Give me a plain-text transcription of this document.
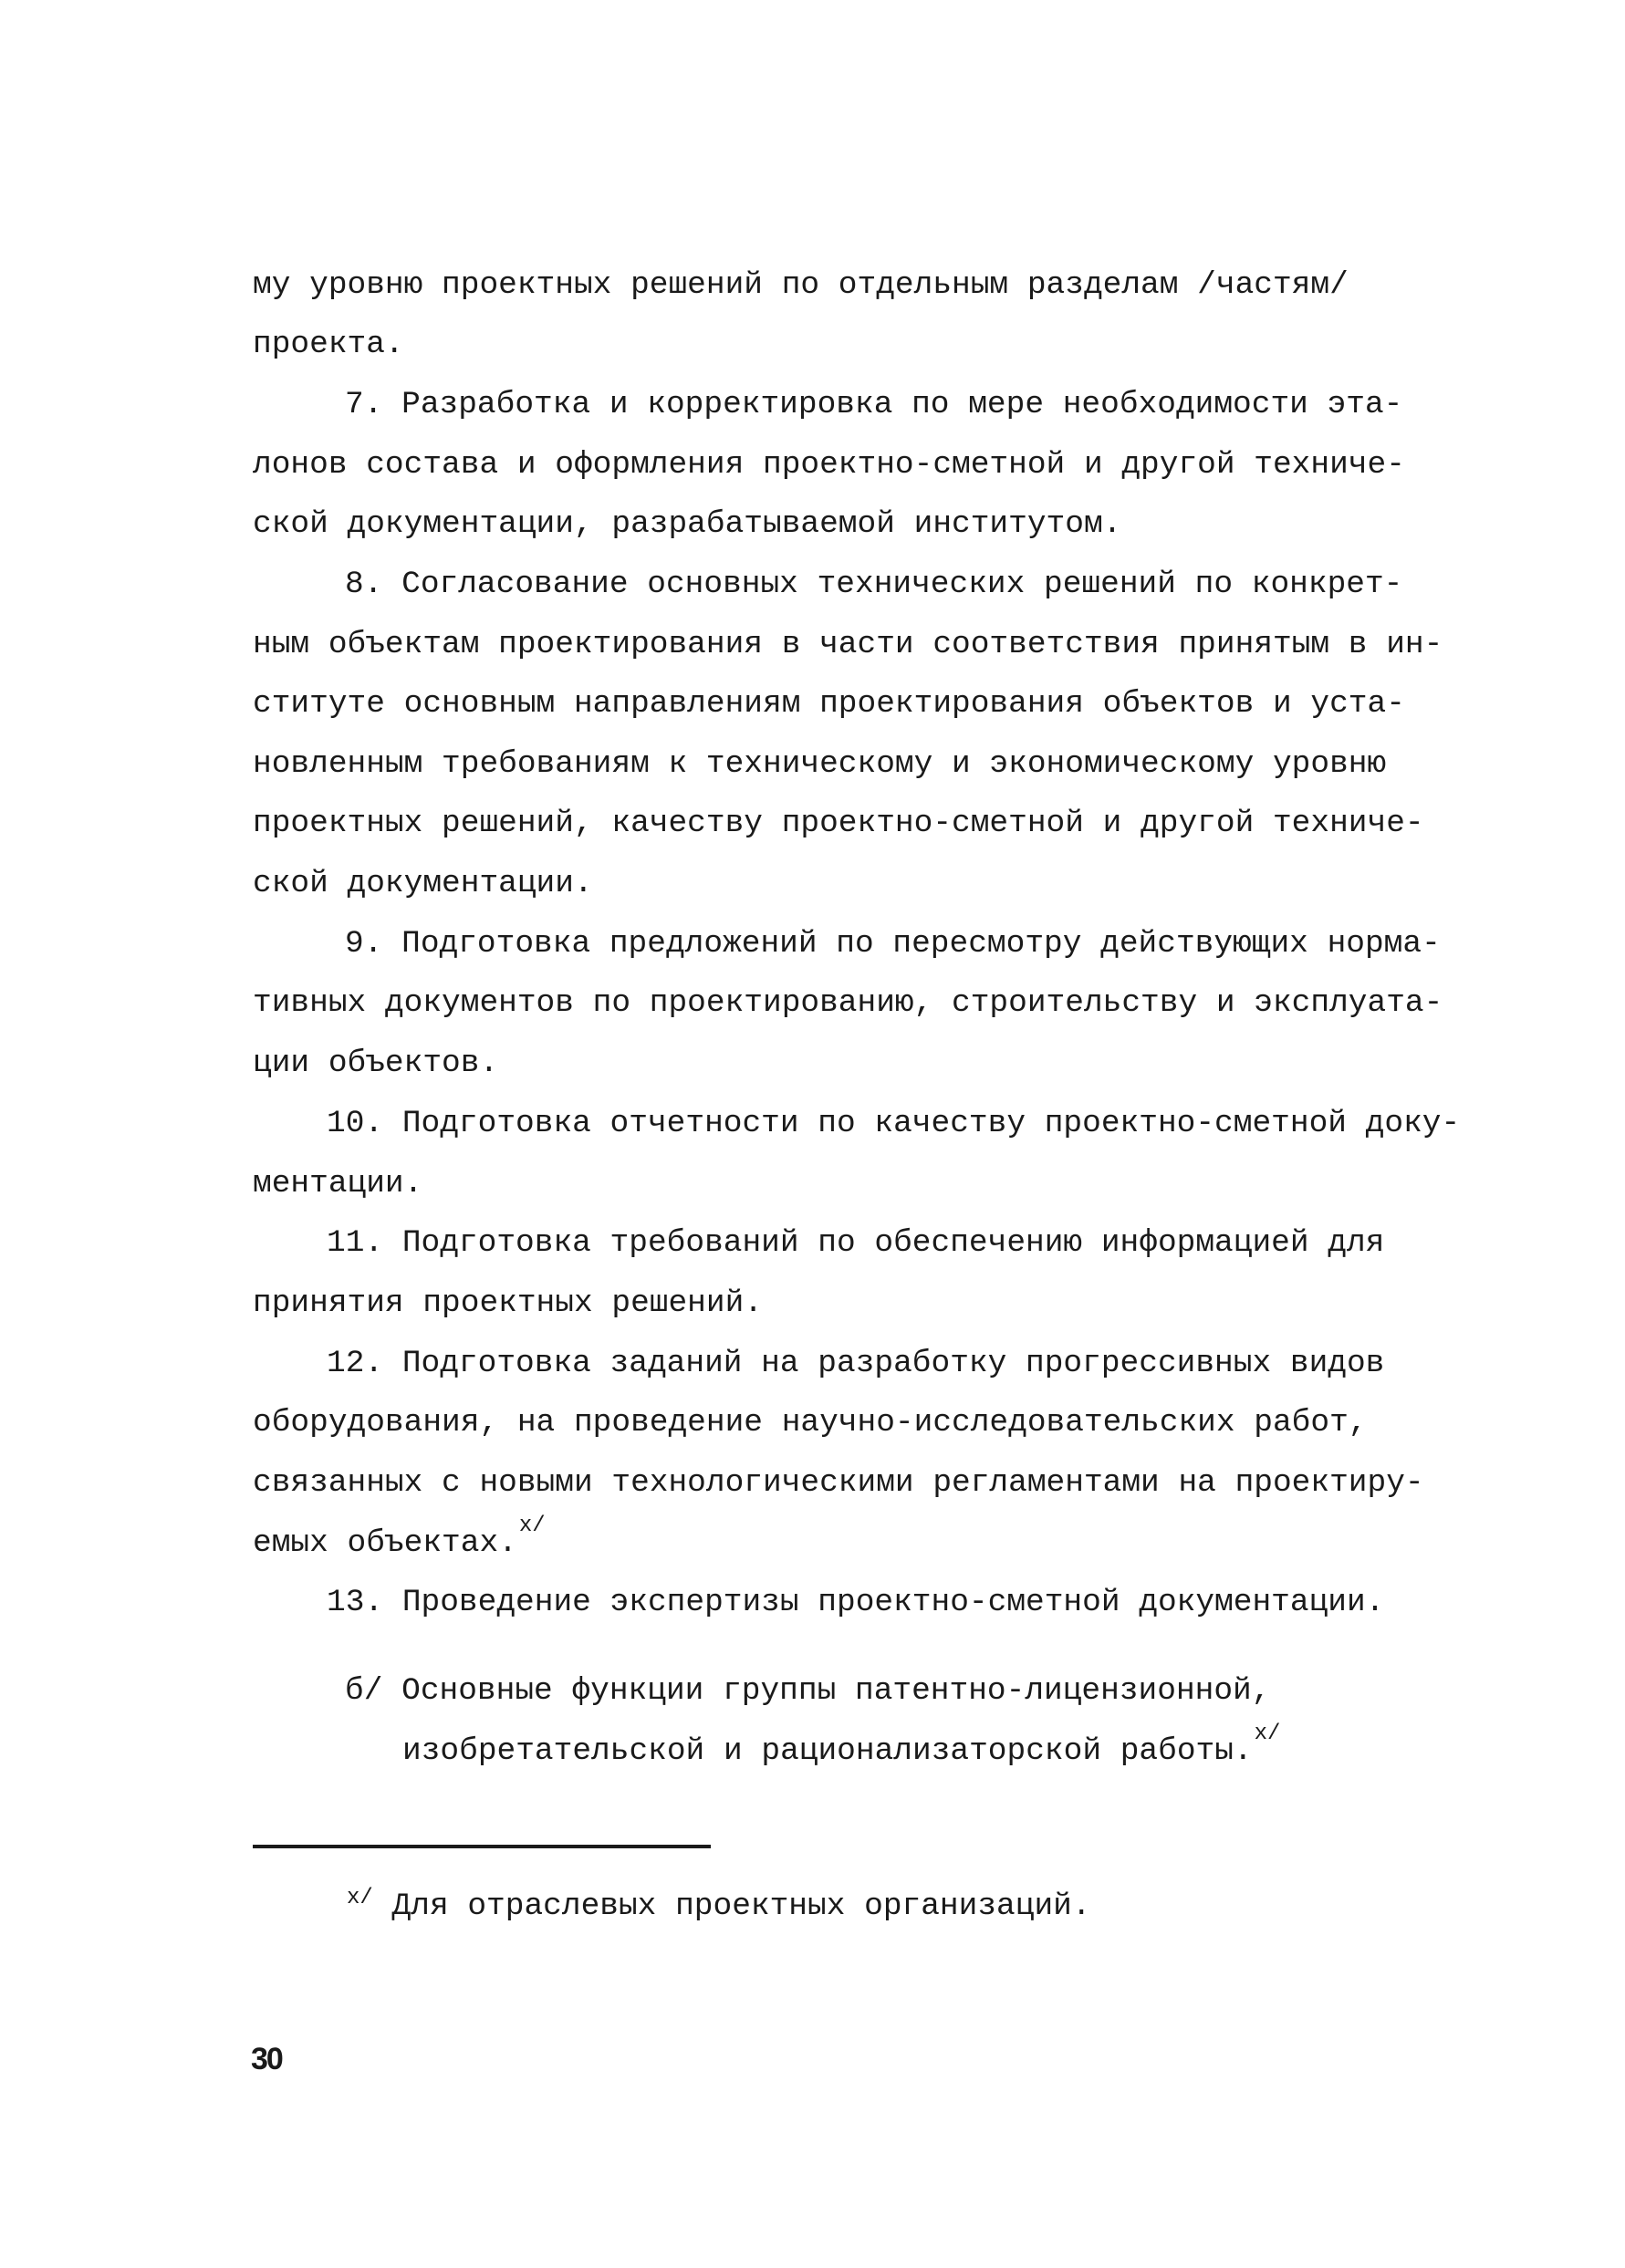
му уровню проектных решений по отдельным разделам /частям/
проекта.
7. Разработка и корректировка по мере необходимости эта-
лонов состава и оформления проектно-сметной и другой техниче-
ской документации, разрабатываемой институтом.
8. Согласование основных технических решений по конкрет-
ным объектам проектирования в части соответствия принятым в ин-
ституте основным направлениям проектирования объектов и уста-
новленным требованиям к техническому и экономическому уровню
проектных решений, качеству проектно-сметной и другой техниче-
ской документации.
9. Подготовка предложений по пересмотру действующих норма-
тивных документов по проектированию, строительству и эксплуата-
ции объектов.
10. Подготовка отчетности по качеству проектно-сметной доку-
ментации.
11. Подготовка требований по обеспечению информацией для
принятия проектных решений.
12. Подготовка заданий на разработку прогрессивных видов
оборудования, на проведение научно-исследовательских работ,
связанных с новыми технологическими регламентами на проектиру-
емых объектах.$^{x/}$
13. Проведение экспертизы проектно-сметной документации.
б/ Основные функции группы патентно-лицензионной,
изобретательской и рационализаторской работы.$^{x/}$
$^{x/}$ Для отраслевых проектных организаций.
30
